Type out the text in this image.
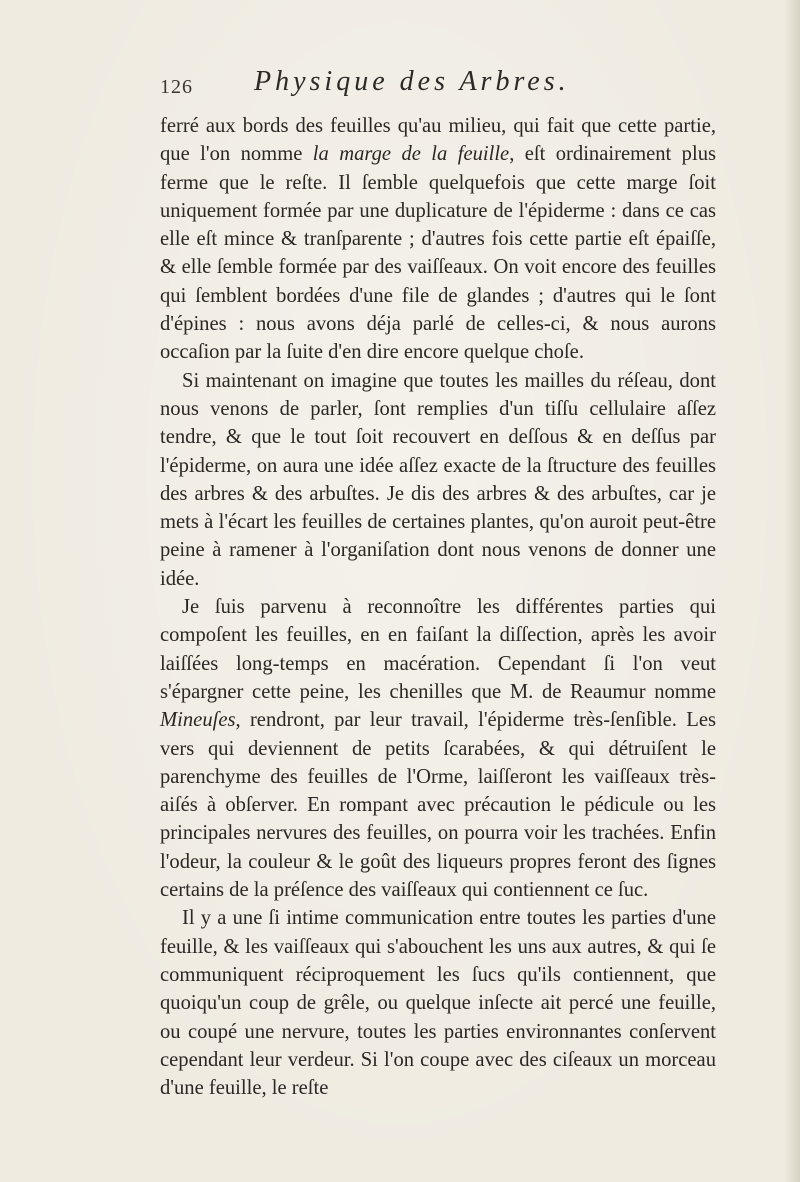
126 Physique des Arbres.

ferré aux bords des feuilles qu'au milieu, qui fait que cette partie, que l'on nomme la marge de la feuille, eſt ordinairement plus ferme que le reſte. Il ſemble quelquefois que cette marge ſoit uniquement formée par une duplicature de l'épiderme : dans ce cas elle eſt mince & tranſparente ; d'autres fois cette partie eſt épaiſſe, & elle ſemble formée par des vaiſſeaux. On voit encore des feuilles qui ſemblent bordées d'une file de glandes ; d'autres qui le ſont d'épines : nous avons déja parlé de celles-ci, & nous aurons occaſion par la ſuite d'en dire encore quelque choſe.

Si maintenant on imagine que toutes les mailles du réſeau, dont nous venons de parler, ſont remplies d'un tiſſu cellulaire aſſez tendre, & que le tout ſoit recouvert en deſſous & en deſſus par l'épiderme, on aura une idée aſſez exacte de la ſtructure des feuilles des arbres & des arbuſtes. Je dis des arbres & des arbuſtes, car je mets à l'écart les feuilles de certaines plantes, qu'on auroit peut-être peine à ramener à l'organiſation dont nous venons de donner une idée.

Je ſuis parvenu à reconnoître les différentes parties qui compoſent les feuilles, en en faiſant la diſſection, après les avoir laiſſées long-temps en macération. Cependant ſi l'on veut s'épargner cette peine, les chenilles que M. de Reaumur nomme Mineuſes, rendront, par leur travail, l'épiderme très-ſenſible. Les vers qui deviennent de petits ſcarabées, & qui détruiſent le parenchyme des feuilles de l'Orme, laiſſeront les vaiſſeaux très-aiſés à obſerver. En rompant avec précaution le pédicule ou les principales nervures des feuilles, on pourra voir les trachées. Enfin l'odeur, la couleur & le goût des liqueurs propres feront des ſignes certains de la préſence des vaiſſeaux qui contiennent ce ſuc.

Il y a une ſi intime communication entre toutes les parties d'une feuille, & les vaiſſeaux qui s'abouchent les uns aux autres, & qui ſe communiquent réciproquement les ſucs qu'ils contiennent, que quoiqu'un coup de grêle, ou quelque inſecte ait percé une feuille, ou coupé une nervure, toutes les parties environnantes conſervent cependant leur verdeur. Si l'on coupe avec des ciſeaux un morceau d'une feuille, le reſte
